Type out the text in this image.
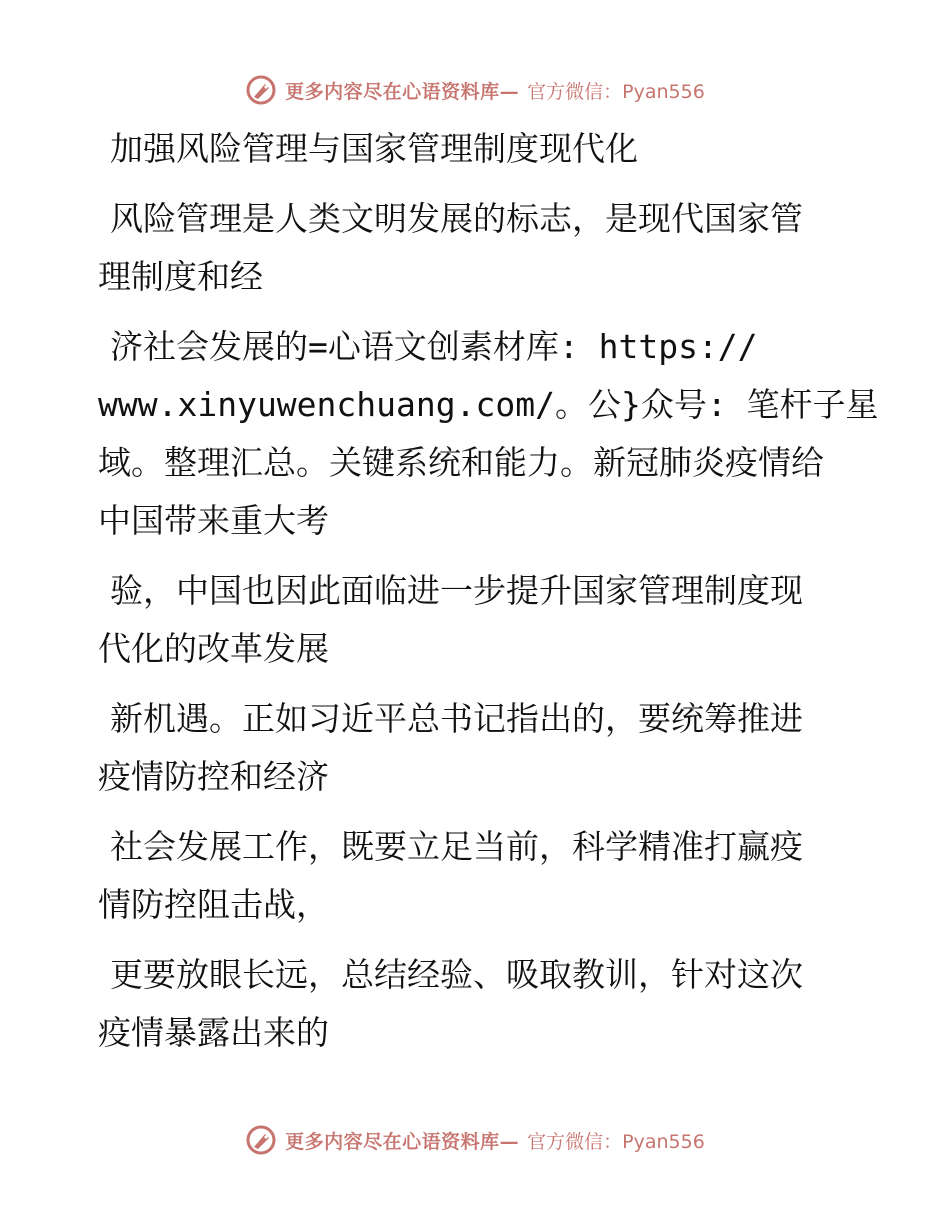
更多内容尽在心语资料库— 官方微信：Pyan556
加强风险管理与国家管理制度现代化
风险管理是人类文明发展的标志，是现代国家管
理制度和经
济社会发展的=心语文创素材库: https://
www.xinyuwenchuang.com/。公}众号: 笔杆子星
域。整理汇总。关键系统和能力。新冠肺炎疫情给
中国带来重大考
验，中国也因此面临进一步提升国家管理制度现
代化的改革发展
新机遇。正如习近平总书记指出的，要统筹推进
疫情防控和经济
社会发展工作，既要立足当前，科学精准打赢疫
情防控阻击战，
更要放眼长远，总结经验、吸取教训，针对这次
疫情暴露出来的
更多内容尽在心语资料库— 官方微信：Pyan556
